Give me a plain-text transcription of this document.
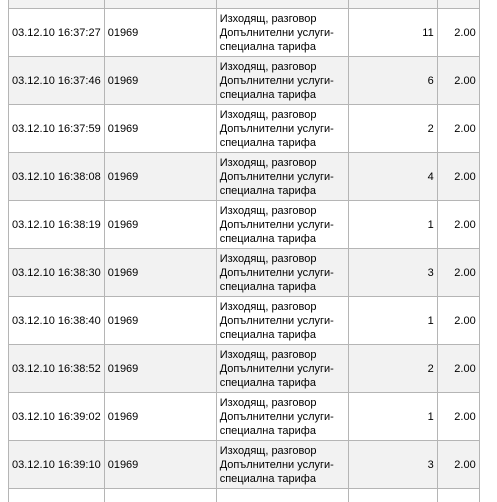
03.12.10 16:37:27	01969	Изходящ, разговор
Допълнителни услуги-
специална тарифа	11	2.00
03.12.10 16:37:46	01969	Изходящ, разговор
Допълнителни услуги-
специална тарифа	6	2.00
03.12.10 16:37:59	01969	Изходящ, разговор
Допълнителни услуги-
специална тарифа	2	2.00
03.12.10 16:38:08	01969	Изходящ, разговор
Допълнителни услуги-
специална тарифа	4	2.00
03.12.10 16:38:19	01969	Изходящ, разговор
Допълнителни услуги-
специална тарифа	1	2.00
03.12.10 16:38:30	01969	Изходящ, разговор
Допълнителни услуги-
специална тарифа	3	2.00
03.12.10 16:38:40	01969	Изходящ, разговор
Допълнителни услуги-
специална тарифа	1	2.00
03.12.10 16:38:52	01969	Изходящ, разговор
Допълнителни услуги-
специална тарифа	2	2.00
03.12.10 16:39:02	01969	Изходящ, разговор
Допълнителни услуги-
специална тарифа	1	2.00
03.12.10 16:39:10	01969	Изходящ, разговор
Допълнителни услуги-
специална тарифа	3	2.00
